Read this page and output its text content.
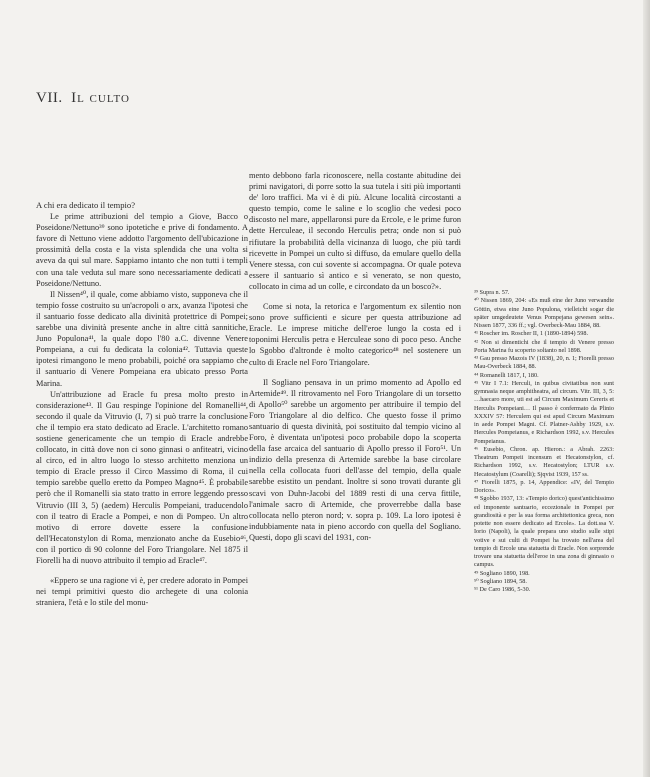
VII. Il culto

A chi era dedicato il tempio?

Le prime attribuzioni del tempio a Giove, Bacco o Poseidone/Nettuno³⁹ sono ipotetiche e prive di fondamento. A favore di Nettuno viene addotto l'argomento dell'ubicazione in prossimità della costa e la vista splendida che una volta si aveva da qui sul mare. Sappiamo intanto che non tutti i templi con una tale veduta sul mare sono necessariamente dedicati a Poseidone/Nettuno.

Il Nissen⁴⁰, il quale, come abbiamo visto, supponeva che il tempio fosse costruito su un'acropoli o arx, avanza l'ipotesi che il santuario fosse dedicato alla divinità protettrice di Pompei; sarebbe una divinità presente anche in altre città sannitiche, Juno Populona⁴¹, la quale dopo l'80 a.C. divenne Venere Pompeiana, a cui fu dedicata la colonia⁴². Tuttavia queste ipotesi rimangono le meno probabili, poiché ora sappiamo che il santuario di Venere Pompeiana era ubicato presso Porta Marina.

Un'attribuzione ad Eracle fu presa molto presto in considerazione⁴³. Il Gau respinge l'opinione del Romanelli⁴⁴, secondo il quale da Vitruvio (I, 7) si può trarre la conclusione che il tempio era stato dedicato ad Eracle. L'architetto romano sostiene genericamente che un tempio di Eracle andrebbe collocato, in città dove non ci sono ginnasi o anfiteatri, vicino al circo, ed in altro luogo lo stesso architetto menziona un tempio di Eracle presso il Circo Massimo di Roma, il cui tempio sarebbe quello eretto da Pompeo Magno⁴⁵. È probabile però che il Romanelli sia stato tratto in errore leggendo presso Vitruvio (III 3, 5) (aedem) Herculis Pompeiani, traducendolo con il teatro di Eracle a Pompei, e non di Pompeo. Un altro motivo di errore dovette essere la confusione dell'Hecatonstylon di Roma, menzionato anche da Eusebio⁴⁶, con il portico di 90 colonne del Foro Triangolare. Nel 1875 il Fiorelli ha di nuovo attribuito il tempio ad Eracle⁴⁷.

«Eppero se una ragione vi è, per credere adorato in Pompei nei tempi primitivi questo dio archegete di una colonia straniera, l'età e lo stile del monu-

mento debbono farla riconoscere, nella costante abitudine dei primi navigatori, di porre sotto la sua tutela i siti più importanti de' loro traffici. Ma vi è di più. Alcune località circostanti a questo tempio, come le saline e lo scoglio che vedesi poco discosto nel mare, appellaronsi pure da Ercole, e le prime furon dette Herculeae, il secondo Herculis petra; onde non si può rifiutare la probabilità della vicinanza di luogo, che più tardi ricevette in Pompei un culto sì diffuso, da emulare quello della Venere stessa, con cui sovente si accompagna. Or quale poteva essere il santuario sì antico e sì venerato, se non questo, collocato in cima ad un colle, e circondato da un bosco?».

Come si nota, la retorica e l'argomentum ex silentio non sono prove sufficienti e sicure per questa attribuzione ad Eracle. Le imprese mitiche dell'eroe lungo la costa ed i toponimi Herculis petra e Herculeae sono di poco peso. Anche lo Sgobbo d'altronde è molto categorico⁴⁸ nel sostenere un culto di Eracle nel Foro Triangolare.

Il Sogliano pensava in un primo momento ad Apollo ed Artemide⁴⁹. Il ritrovamento nel Foro Triangolare di un torsetto di Apollo⁵⁰ sarebbe un argomento per attribuire il tempio del Foro Triangolare al dio delfico. Che questo fosse il primo santuario di questa divinità, poi sostituito dal tempio vicino al Foro, è diventata un'ipotesi poco probabile dopo la scoperta della fase arcaica del santuario di Apollo presso il Foro⁵¹. Un indizio della presenza di Artemide sarebbe la base circolare nella cella collocata fuori dell'asse del tempio, della quale sarebbe esistito un pendant. Inoltre si sono trovati durante gli scavi von Duhn-Jacobi del 1889 resti di una cerva fittile, l'animale sacro di Artemide, che proverrebbe dalla base collocata nello pteron nord; v. sopra p. 109. La loro ipotesi è indubbiamente nata in pieno accordo con quella del Sogliano. Questi, dopo gli scavi del 1931, con-

³⁹ Supra n. 57.
⁴⁰ Nissen 1869, 204: «Es muß eine der Juno verwandte Göttin, etwa eine Juno Populona, vielleicht sogar die später umgedeutete Venus Pompejana gewesen sein». Nissen 1877, 336 ff.; vgl. Overbeck-Mau 1884, 88.
⁴¹ Roscher im. Roscher II, 1 (1890-1894) 598.
⁴² Non si dimentichi che il tempio di Venere presso Porta Marina fu scoperto soltanto nel 1898.
⁴³ Gau presso Mazois IV (1838), 20, n. 1; Fiorelli presso Mau-Overbeck 1884, 88.
⁴⁴ Romanelli 1817, I, 180.
⁴⁵ Vitr I 7.1: Herculi, in quibus civitatibus non sunt gymnasia neque amphitheatra, ad circum. Vitr. III, 3, 5: …haecaro more, uti est ad Circum Maximum Cereris et Herculis Pompeiani… Il passo è confermato da Plinio XXXIV 57: Herculem qui est apud Circum Maximum in aede Pompei Magni. Cf. Platner-Ashby 1929, s.v. Hercules Pompeianus, e Richardson 1992, s.v. Hercules Pompeianus.
⁴⁶ Eusebio, Chron. ap. Hieron.: a Abrah. 2263: Theatrum Pompeii incensum et Hecatonstylon, cf. Richardson 1992, s.v. Hecatostylon; LTUR s.v. Hecatostylum (Coarelli); Sjqvist 1939, 157 ss.
⁴⁷ Fiorelli 1875, p. 14, Appendice: «IV, del Tempio Dorico».
⁴⁸ Sgobbo 1937, 13: «Tempio dorico) quest'antichissimo ed imponente santuario, eccezionale in Pompei per grandiosità e per la sua forma architettonica greca, non potette non essere dedicato ad Ercole». La dott.ssa V. Iorio (Napoli), la quale prepara uno studio sulle stipi votive e sui culti di Pompei ha trovato nell'area del tempio di Ercole una statuetta di Eracle. Non sorprende trovare una statuetta dell'eroe in una zona di ginnasio o campus.
⁴⁹ Sogliano 1890, 198.
⁵⁰ Sogliano 1894, 58.
⁵¹ De Caro 1986, 5-30.
